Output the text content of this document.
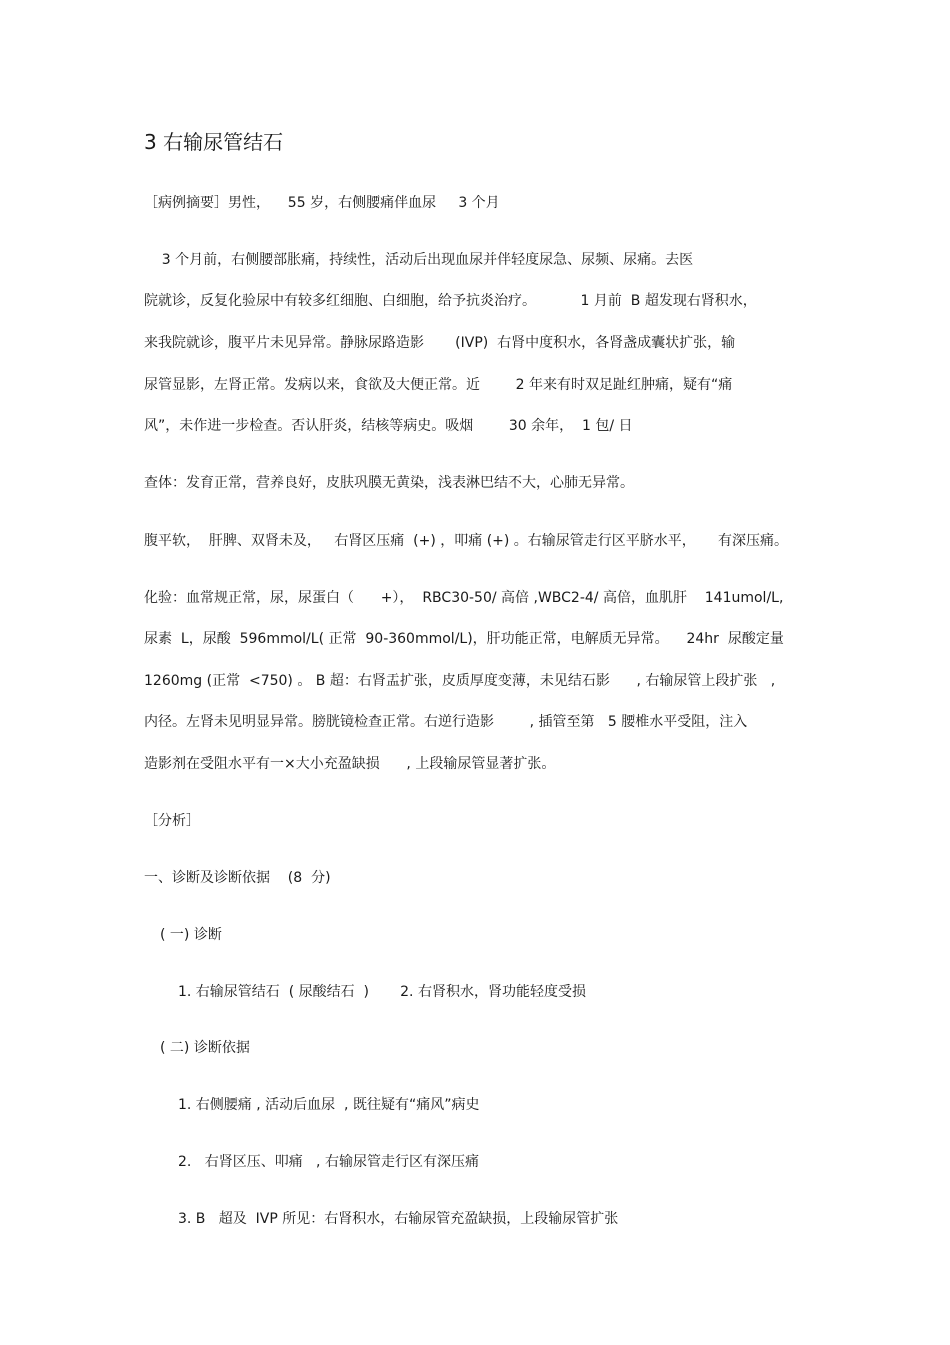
3 右输尿管结石
［病例摘要］男性，    55 岁，右侧腰痛伴血尿     3 个月
3 个月前，右侧腰部胀痛，持续性，活动后出现血尿并伴轻度尿急、尿频、尿痛。去医
院就诊，反复化验尿中有较多红细胞、白细胞，给予抗炎治疗。          1 月前  B 超发现右肾积水，
来我院就诊，腹平片未见异常。静脉尿路造影       (IVP)  右肾中度积水，各肾盏成囊状扩张，输
尿管显影，左肾正常。发病以来，食欲及大便正常。近        2 年来有时双足趾红肿痛，疑有“痛
风”，未作进一步检查。否认肝炎，结核等病史。吸烟        30 余年，  1 包/ 日
查体：发育正常，营养良好，皮肤巩膜无黄染，浅表淋巴结不大，心肺无异常。
腹平软，  肝脾、双肾未及，   右肾区压痛  (+) ，叩痛 (+) 。右输尿管走行区平脐水平，     有深压痛。
化验：血常规正常，尿，尿蛋白（      +），  RBC30-50/ 高倍 ,WBC2-4/ 高倍，血肌肝    141umol/L,
尿素  L，尿酸  596mmol/L( 正常  90-360mmol/L)，肝功能正常，电解质无异常。    24hr  尿酸定量
1260mg (正常  <750) 。 B 超：右肾盂扩张，皮质厚度变薄，未见结石影      , 右输尿管上段扩张   ,
内径。左肾未见明显异常。膀胱镜检查正常。右逆行造影        , 插管至第   5 腰椎水平受阻，注入
造影剂在受阻水平有一×大小充盈缺损      , 上段输尿管显著扩张。
［分析］
一、诊断及诊断依据    (8  分)
( 一) 诊断
1. 右输尿管结石  ( 尿酸结石  )       2. 右肾积水，肾功能轻度受损
( 二) 诊断依据
1. 右侧腰痛 , 活动后血尿  , 既往疑有“痛风”病史
2.   右肾区压、叩痛   , 右输尿管走行区有深压痛
3. B   超及  IVP 所见：右肾积水，右输尿管充盈缺损，上段输尿管扩张
